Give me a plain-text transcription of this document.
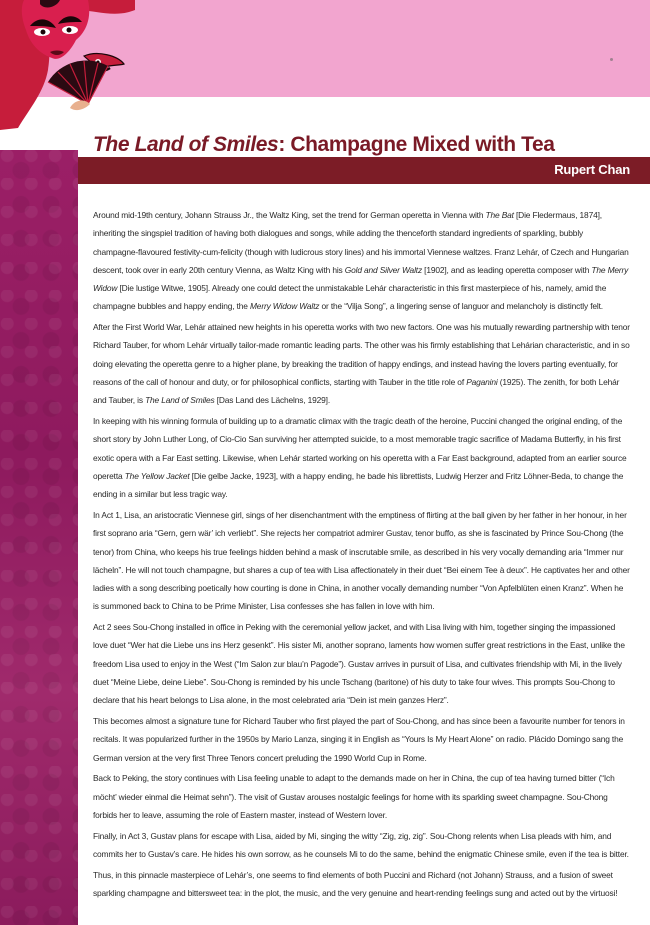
The Land of Smiles: Champagne Mixed with Tea

Rupert Chan

Around mid-19th century, Johann Strauss Jr., the Waltz King, set the trend for German operetta in Vienna with The Bat [Die Fledermaus, 1874], inheriting the singspiel tradition of having both dialogues and songs, while adding the thenceforth standard ingredients of sparkling, bubbly champagne-flavoured festivity-cum-felicity (though with ludicrous story lines) and his immortal Viennese waltzes. Franz Lehár, of Czech and Hungarian descent, took over in early 20th century Vienna, as Waltz King with his Gold and Silver Waltz [1902], and as leading operetta composer with The Merry Widow [Die lustige Witwe, 1905]. Already one could detect the unmistakable Lehár characteristic in this first masterpiece of his, namely, amid the champagne bubbles and happy ending, the Merry Widow Waltz or the “Vilja Song”, a lingering sense of languor and melancholy is distinctly felt.

After the First World War, Lehár attained new heights in his operetta works with two new factors. One was his mutually rewarding partnership with tenor Richard Tauber, for whom Lehár virtually tailor-made romantic leading parts. The other was his firmly establishing that Lehárian characteristic, and in so doing elevating the operetta genre to a higher plane, by breaking the tradition of happy endings, and instead having the lovers parting eventually, for reasons of the call of honour and duty, or for philosophical conflicts, starting with Tauber in the title role of Paganini (1925). The zenith, for both Lehár and Tauber, is The Land of Smiles [Das Land des Lächelns, 1929].

In keeping with his winning formula of building up to a dramatic climax with the tragic death of the heroine, Puccini changed the original ending, of the short story by John Luther Long, of Cio-Cio San surviving her attempted suicide, to a most memorable tragic sacrifice of Madama Butterfly, in his first exotic opera with a Far East setting. Likewise, when Lehár started working on his operetta with a Far East background, adapted from an earlier source operetta The Yellow Jacket [Die gelbe Jacke, 1923], with a happy ending, he bade his librettists, Ludwig Herzer and Fritz Löhner-Beda, to change the ending in a similar but less tragic way.

In Act 1, Lisa, an aristocratic Viennese girl, sings of her disenchantment with the emptiness of flirting at the ball given by her father in her honour, in her first soprano aria “Gern, gern wär’ ich verliebt”. She rejects her compatriot admirer Gustav, tenor buffo, as she is fascinated by Prince Sou-Chong (the tenor) from China, who keeps his true feelings hidden behind a mask of inscrutable smile, as described in his very vocally demanding aria “Immer nur lächeln”. He will not touch champagne, but shares a cup of tea with Lisa affectionately in their duet “Bei einem Tee à deux”. He captivates her and other ladies with a song describing poetically how courting is done in China, in another vocally demanding number “Von Apfelblüten einen Kranz”. When he is summoned back to China to be Prime Minister, Lisa confesses she has fallen in love with him.

Act 2 sees Sou-Chong installed in office in Peking with the ceremonial yellow jacket, and with Lisa living with him, together singing the impassioned love duet “Wer hat die Liebe uns ins Herz gesenkt”. His sister Mi, another soprano, laments how women suffer great restrictions in the East, unlike the freedom Lisa used to enjoy in the West (“Im Salon zur blau’n Pagode”). Gustav arrives in pursuit of Lisa, and cultivates friendship with Mi, in the lively duet “Meine Liebe, deine Liebe”. Sou-Chong is reminded by his uncle Tschang (baritone) of his duty to take four wives. This prompts Sou-Chong to declare that his heart belongs to Lisa alone, in the most celebrated aria “Dein ist mein ganzes Herz”.

This becomes almost a signature tune for Richard Tauber who first played the part of Sou-Chong, and has since been a favourite number for tenors in recitals. It was popularized further in the 1950s by Mario Lanza, singing it in English as “Yours Is My Heart Alone” on radio. Plácido Domingo sang the German version at the very first Three Tenors concert preluding the 1990 World Cup in Rome.

Back to Peking, the story continues with Lisa feeling unable to adapt to the demands made on her in China, the cup of tea having turned bitter (“Ich möcht’ wieder einmal die Heimat sehn”). The visit of Gustav arouses nostalgic feelings for home with its sparkling sweet champagne. Sou-Chong forbids her to leave, assuming the role of Eastern master, instead of Western lover.

Finally, in Act 3, Gustav plans for escape with Lisa, aided by Mi, singing the witty “Zig, zig, zig”. Sou-Chong relents when Lisa pleads with him, and commits her to Gustav’s care. He hides his own sorrow, as he counsels Mi to do the same, behind the enigmatic Chinese smile, even if the tea is bitter.

Thus, in this pinnacle masterpiece of Lehár’s, one seems to find elements of both Puccini and Richard (not Johann) Strauss, and a fusion of sweet sparkling champagne and bittersweet tea: in the plot, the music, and the very genuine and heart-rending feelings sung and acted out by the virtuosi!
